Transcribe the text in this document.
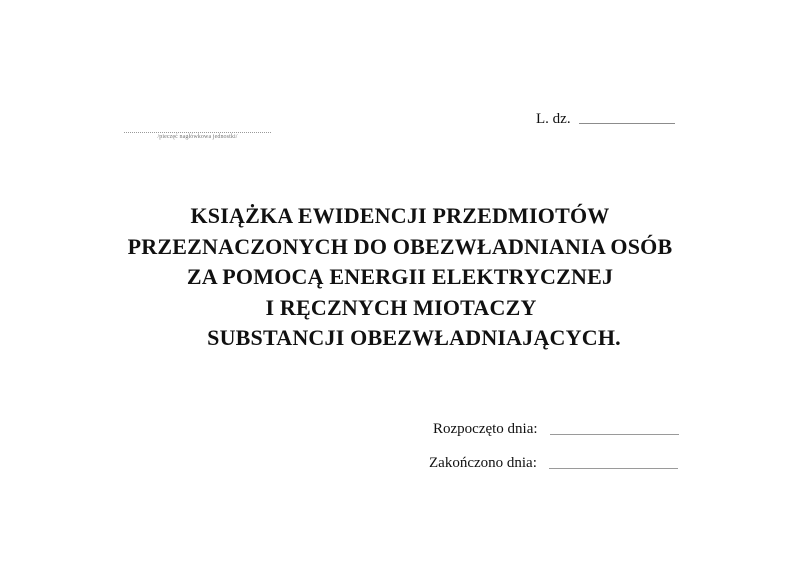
/pieczęć nagłówkowa jednostki/
L. dz.
KSIĄŻKA EWIDENCJI PRZEDMIOTÓW
PRZEZNACZONYCH DO OBEZWŁADNIANIA OSÓB
ZA POMOCĄ ENERGII ELEKTRYCZNEJ
I RĘCZNYCH MIOTACZY
SUBSTANCJI OBEZWŁADNIAJĄCYCH.
Rozpoczęto dnia:
Zakończono dnia:
